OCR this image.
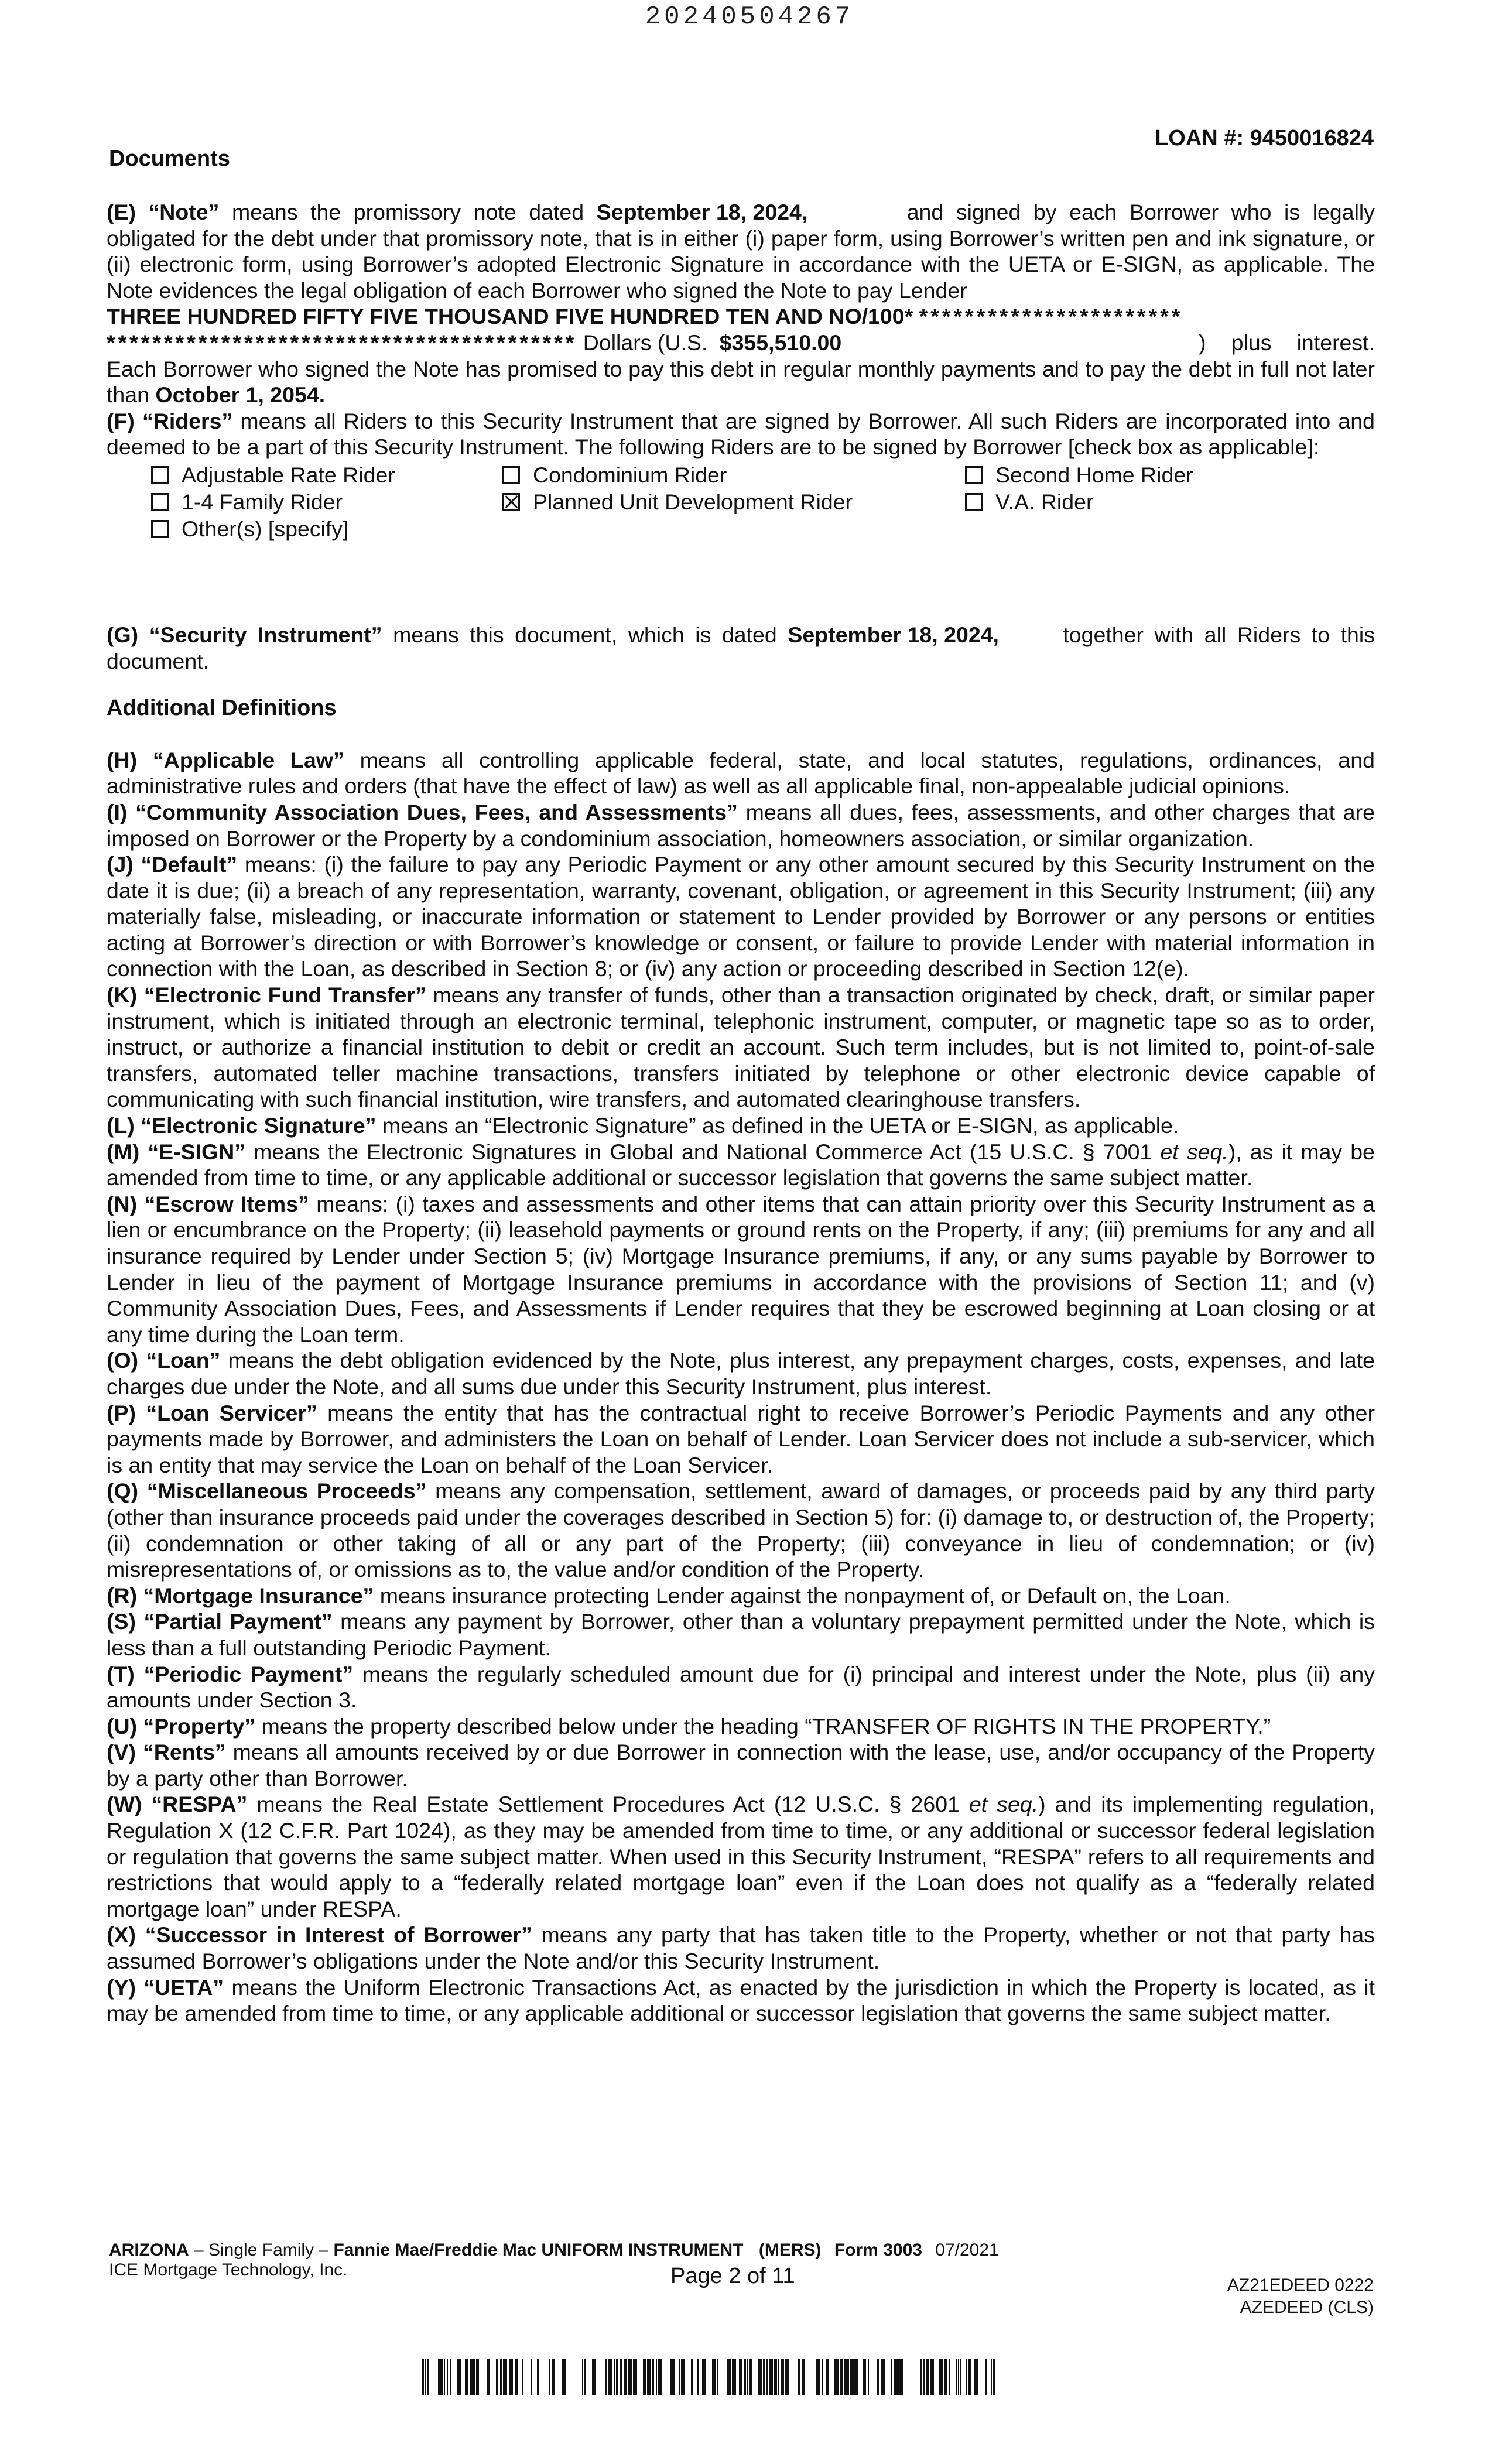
20240504267
Documents
LOAN #: 9450016824

(E) “Note” means the promissory note dated September 18, 2024,	and signed by each Borrower who is legally obligated for the debt under that promissory note, that is in either (i) paper form, using Borrower’s written pen and ink signature, or (ii) electronic form, using Borrower’s adopted Electronic Signature in accordance with the UETA or E-SIGN, as applicable. The Note evidences the legal obligation of each Borrower who signed the Note to pay Lender

THREE HUNDRED FIFTY FIVE THOUSAND FIVE HUNDRED TEN AND NO/100* ***********************
***************************************** Dollars (U.S. $355,510.00	) plus interest. Each Borrower who signed the Note has promised to pay this debt in regular monthly payments and to pay the debt in full not later than October 1, 2054.

(F) “Riders” means all Riders to this Security Instrument that are signed by Borrower. All such Riders are incorporated into and deemed to be a part of this Security Instrument. The following Riders are to be signed by Borrower [check box as applicable]:

Adjustable Rate Rider	Condominium Rider	Second Home Rider
1-4 Family Rider	Planned Unit Development Rider	V.A. Rider
Other(s) [specify]

(G) “Security Instrument” means this document, which is dated September 18, 2024,	together with all Riders to this document.

Additional Definitions

(H) “Applicable Law” means all controlling applicable federal, state, and local statutes, regulations, ordinances, and administrative rules and orders (that have the effect of law) as well as all applicable final, non-appealable judicial opinions.

(I) “Community Association Dues, Fees, and Assessments” means all dues, fees, assessments, and other charges that are imposed on Borrower or the Property by a condominium association, homeowners association, or similar organization.

(J) “Default” means: (i) the failure to pay any Periodic Payment or any other amount secured by this Security Instrument on the date it is due; (ii) a breach of any representation, warranty, covenant, obligation, or agreement in this Security Instrument; (iii) any materially false, misleading, or inaccurate information or statement to Lender provided by Borrower or any persons or entities acting at Borrower’s direction or with Borrower’s knowledge or consent, or failure to provide Lender with material information in connection with the Loan, as described in Section 8; or (iv) any action or proceeding described in Section 12(e).

(K) “Electronic Fund Transfer” means any transfer of funds, other than a transaction originated by check, draft, or similar paper instrument, which is initiated through an electronic terminal, telephonic instrument, computer, or magnetic tape so as to order, instruct, or authorize a financial institution to debit or credit an account. Such term includes, but is not limited to, point-of-sale transfers, automated teller machine transactions, transfers initiated by telephone or other electronic device capable of communicating with such financial institution, wire transfers, and automated clearinghouse transfers.

(L) “Electronic Signature” means an “Electronic Signature” as defined in the UETA or E-SIGN, as applicable.

(M) “E-SIGN” means the Electronic Signatures in Global and National Commerce Act (15 U.S.C. § 7001 et seq.), as it may be amended from time to time, or any applicable additional or successor legislation that governs the same subject matter.

(N) “Escrow Items” means: (i) taxes and assessments and other items that can attain priority over this Security Instrument as a lien or encumbrance on the Property; (ii) leasehold payments or ground rents on the Property, if any; (iii) premiums for any and all insurance required by Lender under Section 5; (iv) Mortgage Insurance premiums, if any, or any sums payable by Borrower to Lender in lieu of the payment of Mortgage Insurance premiums in accordance with the provisions of Section 11; and (v) Community Association Dues, Fees, and Assessments if Lender requires that they be escrowed beginning at Loan closing or at any time during the Loan term.

(O) “Loan” means the debt obligation evidenced by the Note, plus interest, any prepayment charges, costs, expenses, and late charges due under the Note, and all sums due under this Security Instrument, plus interest.

(P) “Loan Servicer” means the entity that has the contractual right to receive Borrower’s Periodic Payments and any other payments made by Borrower, and administers the Loan on behalf of Lender. Loan Servicer does not include a sub-servicer, which is an entity that may service the Loan on behalf of the Loan Servicer.

(Q) “Miscellaneous Proceeds” means any compensation, settlement, award of damages, or proceeds paid by any third party (other than insurance proceeds paid under the coverages described in Section 5) for: (i) damage to, or destruction of, the Property; (ii) condemnation or other taking of all or any part of the Property; (iii) conveyance in lieu of condemnation; or (iv) misrepresentations of, or omissions as to, the value and/or condition of the Property.

(R) “Mortgage Insurance” means insurance protecting Lender against the nonpayment of, or Default on, the Loan.

(S) “Partial Payment” means any payment by Borrower, other than a voluntary prepayment permitted under the Note, which is less than a full outstanding Periodic Payment.

(T) “Periodic Payment” means the regularly scheduled amount due for (i) principal and interest under the Note, plus (ii) any amounts under Section 3.

(U) “Property” means the property described below under the heading “TRANSFER OF RIGHTS IN THE PROPERTY.”

(V) “Rents” means all amounts received by or due Borrower in connection with the lease, use, and/or occupancy of the Property by a party other than Borrower.

(W) “RESPA” means the Real Estate Settlement Procedures Act (12 U.S.C. § 2601 et seq.) and its implementing regulation, Regulation X (12 C.F.R. Part 1024), as they may be amended from time to time, or any additional or successor federal legislation or regulation that governs the same subject matter. When used in this Security Instrument, “RESPA” refers to all requirements and restrictions that would apply to a “federally related mortgage loan” even if the Loan does not qualify as a “federally related mortgage loan” under RESPA.

(X) “Successor in Interest of Borrower” means any party that has taken title to the Property, whether or not that party has assumed Borrower’s obligations under the Note and/or this Security Instrument.

(Y) “UETA” means the Uniform Electronic Transactions Act, as enacted by the jurisdiction in which the Property is located, as it may be amended from time to time, or any applicable additional or successor legislation that governs the same subject matter.

ARIZONA – Single Family – Fannie Mae/Freddie Mac UNIFORM INSTRUMENT (MERS) Form 3003 07/2021
ICE Mortgage Technology, Inc.	Page 2 of 11	AZ21EDEED 0222
AZEDEED (CLS)
